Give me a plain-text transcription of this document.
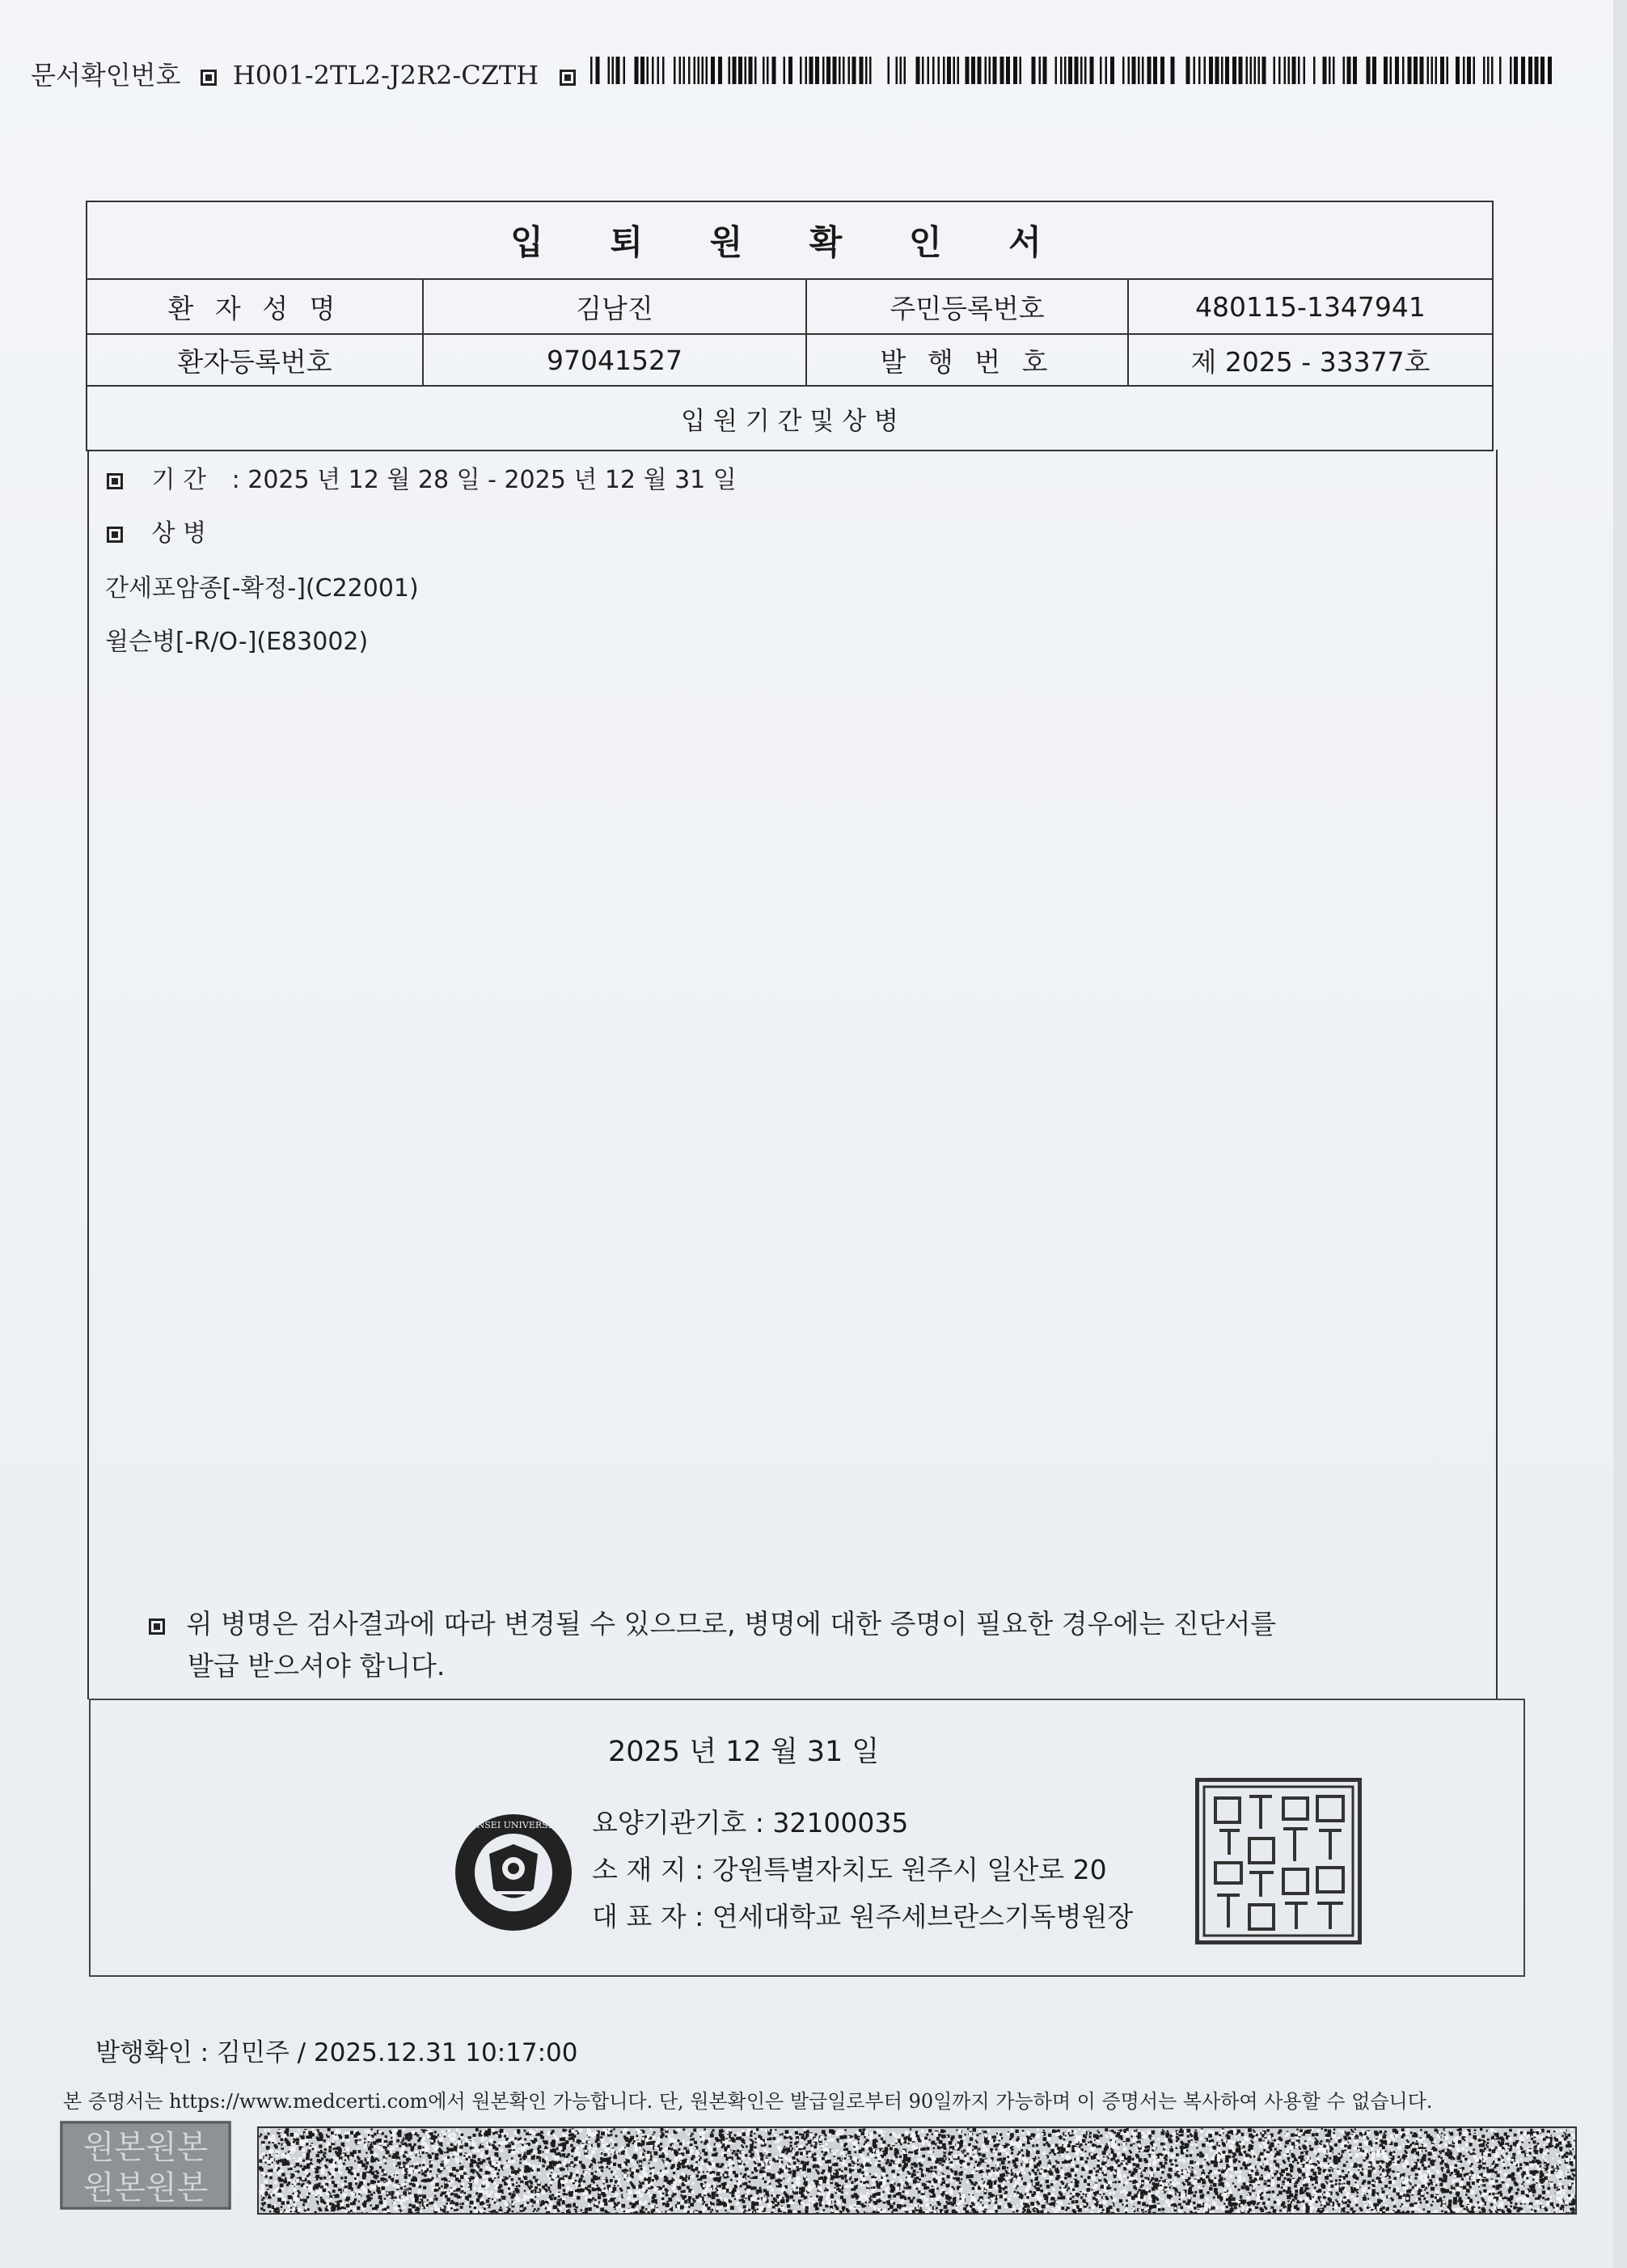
문서확인번호 H001-2TL2-J2R2-CZTH
입 퇴 원 확 인 서
환 자 성 명	김남진	주민등록번호	480115-1347941
환자등록번호	97041527	발 행 번 호	제 2025 - 33377호
입 원 기 간 및 상 병
기 간 : 2025 년 12 월 28 일 - 2025 년 12 월 31 일
상 병
간세포암종[-확정-](C22001)
윌슨병[-R/O-](E83002)
위 병명은 검사결과에 따라 변경될 수 있으므로, 병명에 대한 증명이 필요한 경우에는 진단서를
발급 받으셔야 합니다.
2025 년 12 월 31 일
YONSEI UNIVERSITY 요양기관기호 : 32100035
소 재 지 : 강원특별자치도 원주시 일산로 20
대 표 자 : 연세대학교 원주세브란스기독병원장
발행확인 : 김민주 / 2025.12.31 10:17:00
본 증명서는 https://www.medcerti.com에서 원본확인 가능합니다. 단, 원본확인은 발급일로부터 90일까지 가능하며 이 증명서는 복사하여 사용할 수 없습니다.
원본원본
원본원본
